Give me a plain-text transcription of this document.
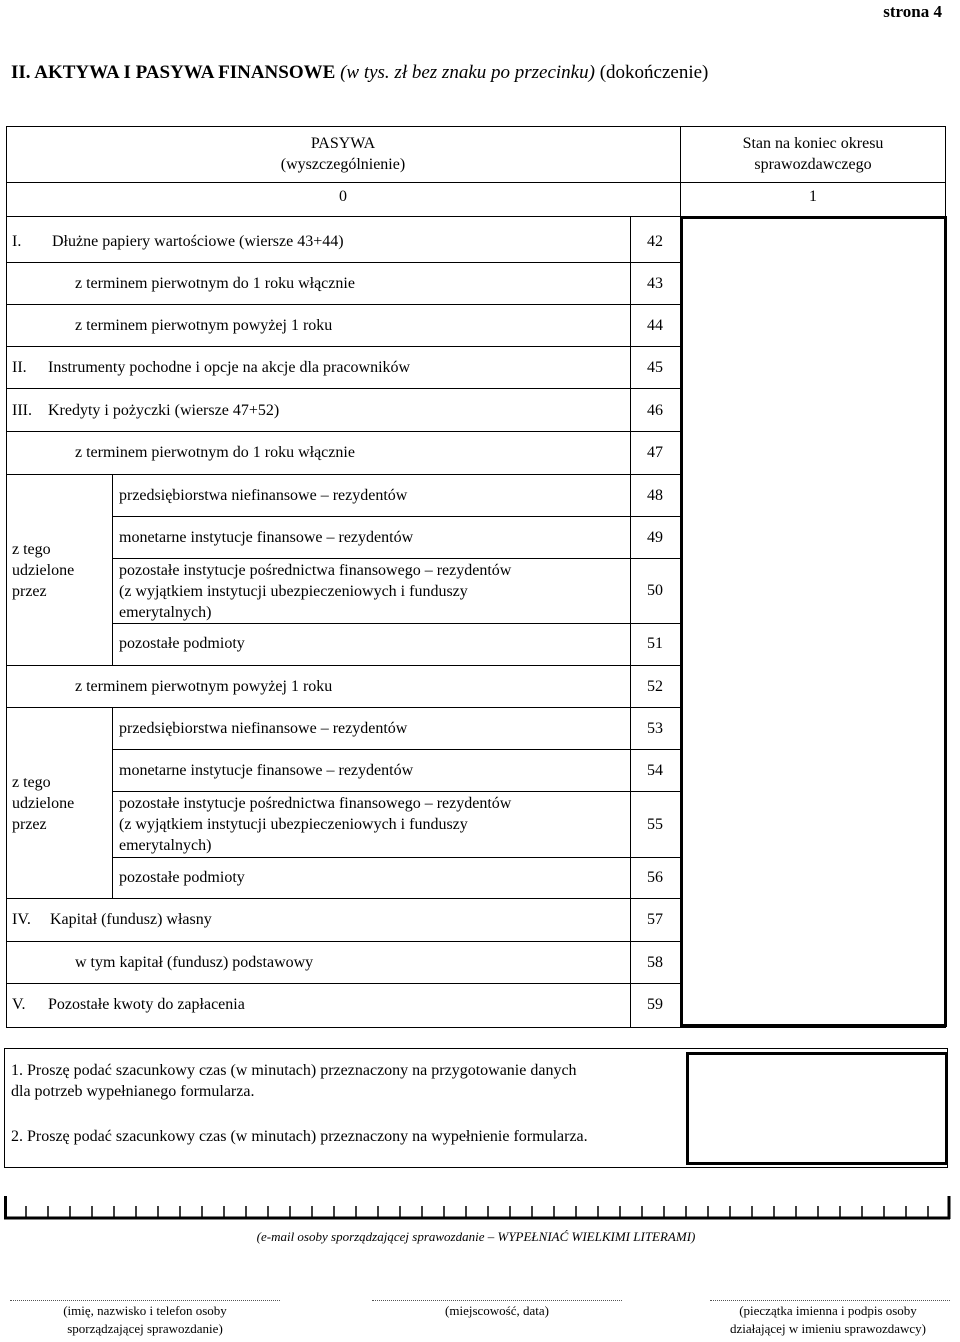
strona 4
II. AKTYWA I PASYWA FINANSOWE (w tys. zł bez znaku po przecinku) (dokończenie)
PASYWA
(wyszczególnienie)
Stan na koniec okresu
sprawozdawczego
0	1
I. Dłużne papiery wartościowe (wiersze 43+44)	42
z terminem pierwotnym do 1 roku włącznie	43
z terminem pierwotnym powyżej 1 roku	44
II. Instrumenty pochodne i opcje na akcje dla pracowników	45
III. Kredyty i pożyczki (wiersze 47+52)	46
z terminem pierwotnym do 1 roku włącznie	47
z tego
udzielone
przez
przedsiębiorstwa niefinansowe – rezydentów	48
monetarne instytucje finansowe – rezydentów	49
pozostałe instytucje pośrednictwa finansowego – rezydentów
(z wyjątkiem instytucji ubezpieczeniowych i funduszy
emerytalnych)
50
pozostałe podmioty	51
z terminem pierwotnym powyżej 1 roku	52
z tego
udzielone
przez
przedsiębiorstwa niefinansowe – rezydentów	53
monetarne instytucje finansowe – rezydentów	54
pozostałe instytucje pośrednictwa finansowego – rezydentów
(z wyjątkiem instytucji ubezpieczeniowych i funduszy
emerytalnych)
55
pozostałe podmioty	56
IV. Kapitał (fundusz) własny	57
w tym kapitał (fundusz) podstawowy	58
V. Pozostałe kwoty do zapłacenia	59
1. Proszę podać szacunkowy czas (w minutach) przeznaczony na przygotowanie danych
dla potrzeb wypełnianego formularza.
2. Proszę podać szacunkowy czas (w minutach) przeznaczony na wypełnienie formularza.
(e-mail osoby sporządzającej sprawozdanie – WYPEŁNIAĆ WIELKIMI LITERAMI)
(imię, nazwisko i telefon osoby
sporządzającej sprawozdanie)
(miejscowość, data)	(pieczątka imienna i podpis osoby
działającej w imieniu sprawozdawcy)
